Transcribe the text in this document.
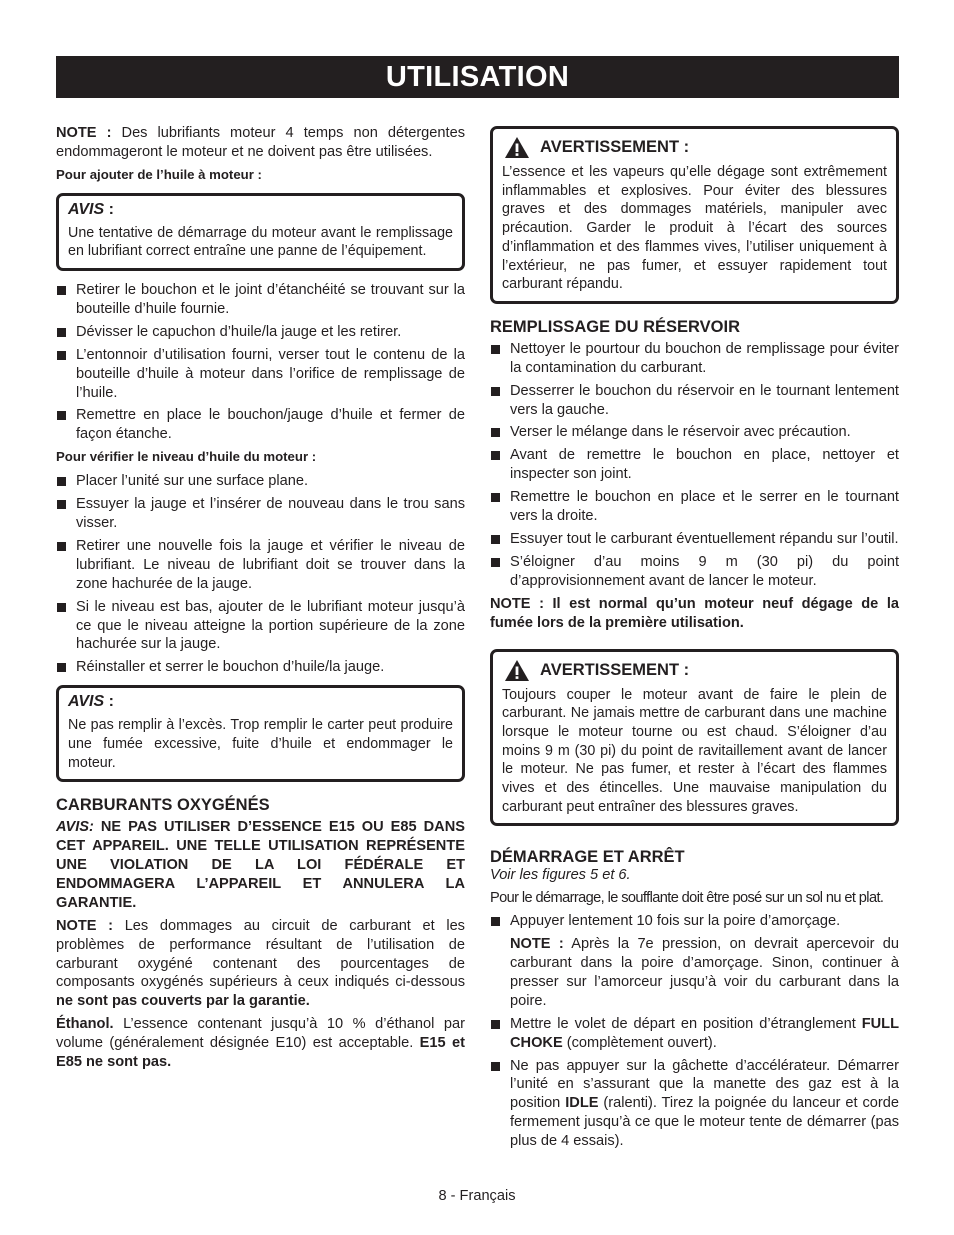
UTILISATION

NOTE : Des lubrifiants moteur 4 temps non détergentes endommageront le moteur et ne doivent pas être utilisées.

Pour ajouter de l’huile à moteur :
AVIS :
Une tentative de démarrage du moteur avant le remplissage en lubrifiant correct entraîne une panne de l’équipement.
Retirer le bouchon et le joint d’étanchéité se trouvant sur la bouteille d’huile fournie.
Dévisser le capuchon d’huile/la jauge et les retirer.
L’entonnoir d’utilisation fourni, verser tout le contenu de la bouteille d’huile à moteur dans l’orifice de remplissage de l’huile.
Remettre en place le bouchon/jauge d’huile et fermer de façon étanche.
Pour vérifier le niveau d’huile du moteur :
Placer l’unité sur une surface plane.
Essuyer la jauge et l’insérer de nouveau dans le trou sans visser.
Retirer une nouvelle fois la jauge et vérifier le niveau de lubrifiant. Le niveau de lubrifiant doit se trouver dans la zone hachurée de la jauge.
Si le niveau est bas, ajouter de le lubrifiant moteur jusqu’à ce que le niveau atteigne la portion supérieure de la zone hachurée sur la jauge.
Réinstaller et serrer le bouchon d’huile/la jauge.
AVIS :
Ne pas remplir à l’excès. Trop remplir le carter peut produire une fumée excessive, fuite d’huile et endommager le moteur.
CARBURANTS OXYGÉNÉS

AVIS: NE PAS UTILISER D’ESSENCE E15 OU E85 DANS CET APPAREIL. UNE TELLE UTILISATION REPRÉSENTE UNE VIOLATION DE LA LOI FÉDÉRALE ET ENDOMMAGERA L’APPAREIL ET ANNULERA LA GARANTIE.

NOTE : Les dommages au circuit de carburant et les problèmes de performance résultant de l’utilisation de carburant oxygéné contenant des pourcentages de composants oxygénés supérieurs à ceux indiqués ci-dessous ne sont pas couverts par la garantie.

Éthanol. L’essence contenant jusqu’à 10 % d’éthanol par volume (généralement désignée E10) est acceptable. E15 et E85 ne sont pas.

AVERTISSEMENT :
L’essence et les vapeurs qu’elle dégage sont extrêmement inflammables et explosives. Pour éviter des blessures graves et des dommages matériels, manipuler avec précaution. Garder le produit à l’écart des sources d’inflammation et des flammes vives, l’utiliser uniquement à l’extérieur, ne pas fumer, et essuyer rapidement tout carburant répandu.
REMPLISSAGE DU RÉSERVOIR
Nettoyer le pourtour du bouchon de remplissage pour éviter la contamination du carburant.
Desserrer le bouchon du réservoir en le tournant lentement vers la gauche.
Verser le mélange dans le réservoir avec précaution.
Avant de remettre le bouchon en place, nettoyer et inspecter son joint.
Remettre le bouchon en place et le serrer en le tournant vers la droite.
Essuyer tout le carburant éventuellement répandu sur l’outil.
S’éloigner d’au moins 9 m (30 pi) du point d’approvisionnement avant de lancer le moteur.

NOTE : Il est normal qu’un moteur neuf dégage de la fumée lors de la première utilisation.

AVERTISSEMENT :
Toujours couper le moteur avant de faire le plein de carburant. Ne jamais mettre de carburant dans une machine lorsque le moteur tourne ou est chaud. S’éloigner d’au moins 9 m (30 pi) du point de ravitaillement avant de lancer le moteur. Ne pas fumer, et rester à l’écart des flammes vives et des étincelles. Une mauvaise manipulation du carburant peut entraîner des blessures graves.
DÉMARRAGE ET ARRÊT

Voir les figures 5 et 6.

Pour le démarrage, le soufflante doit être posé sur un sol nu et plat.

Appuyer lentement 10 fois sur la poire d’amorçage.

NOTE : Après la 7e pression, on devrait apercevoir du carburant dans la poire d’amorçage. Sinon, continuer à presser sur l’amorceur jusqu’à voir du carburant dans la poire.

Mettre le volet de départ en position d’étranglement FULL CHOKE (complètement ouvert).
Ne pas appuyer sur la gâchette d’accélérateur. Démarrer l’unité en s’assurant que la manette des gaz est à la position IDLE (ralenti). Tirez la poignée du lanceur et corde fermement jusqu’à ce que le moteur tente de démarrer (pas plus de 4 essais).
8 - Français
